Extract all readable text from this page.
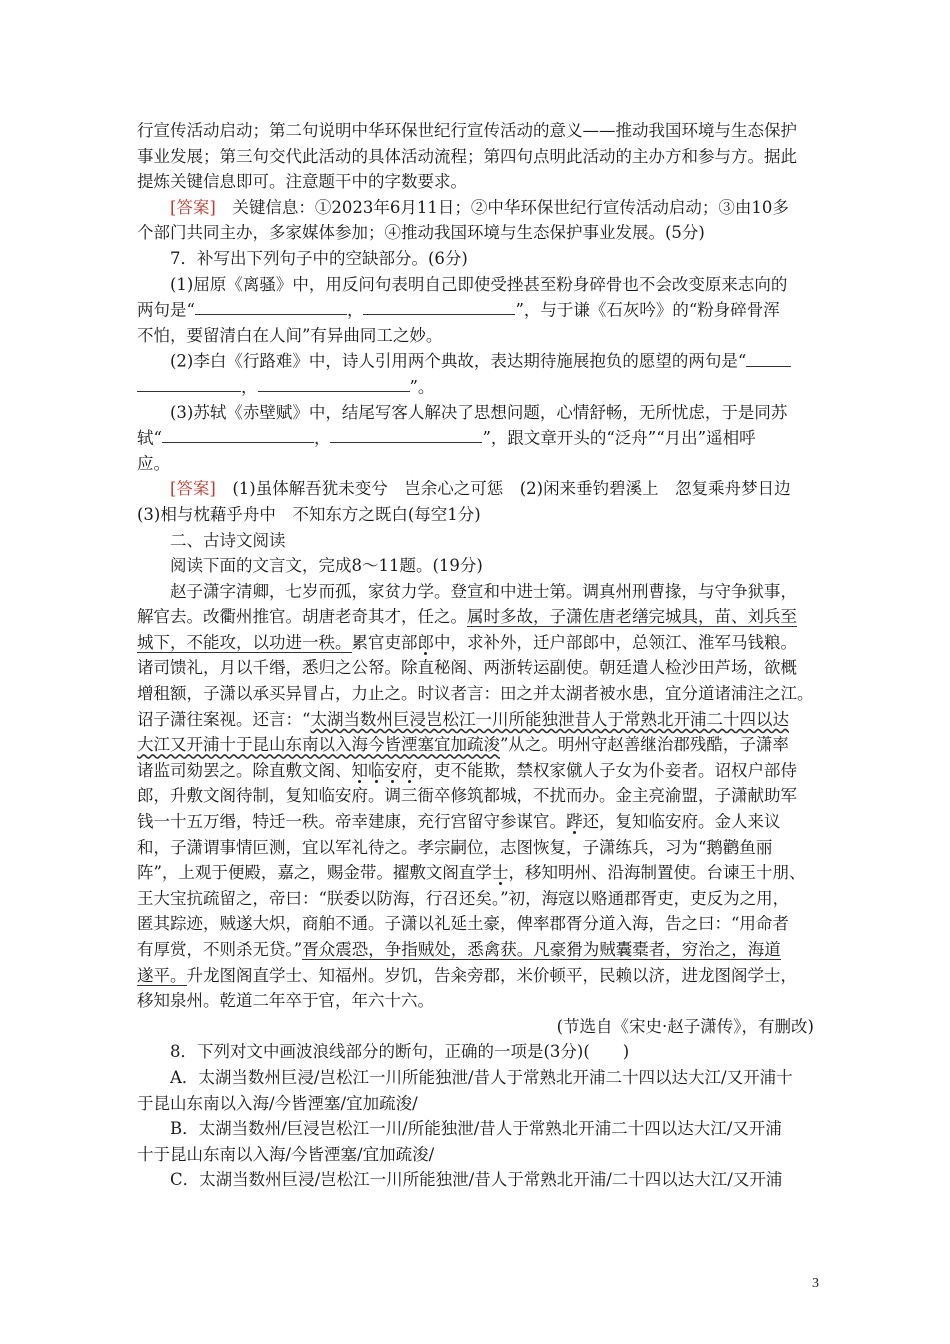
行宣传活动启动；第二句说明中华环保世纪行宣传活动的意义——推动我国环境与生态保护
事业发展；第三句交代此活动的具体活动流程；第四句点明此活动的主办方和参与方。据此
提炼关键信息即可。注意题干中的字数要求。
[答案]　 关键信息：①2023年6月11日；②中华环保世纪行宣传活动启动；③由10多
个部门共同主办，多家媒体参加；④推动我国环境与生态保护事业发展。(5分)
7．补写出下列句子中的空缺部分。(6分)
(1)屈原《离骚》中，用反问句表明自己即使受挫甚至粉身碎骨也不会改变原来志向的
两句是“	，	”，与于谦《石灰吟》的“粉身碎骨浑
不怕，要留清白在人间”有异曲同工之妙。
(2)李白《行路难》中，诗人引用两个典故，表达期待施展抱负的愿望的两句是“
，	”。
(3)苏轼《赤壁赋》中，结尾写客人解决了思想问题，心情舒畅，无所忧虑，于是同苏
轼“	，	”，跟文章开头的“泛舟”“月出”遥相呼
应。
[答案]　 (1)虽体解吾犹未变兮　岂余心之可惩　(2)闲来垂钓碧溪上　忽复乘舟梦日边
(3)相与枕藉乎舟中　不知东方之既白(每空1分)
二、古诗文阅读
阅读下面的文言文，完成8～11题。(19分)
赵子潇字清卿，七岁而孤，家贫力学。登宣和中进士第。调真州刑曹掾，与守争狱事，
解官去。改衢州推官。胡唐老奇其才，任之。属时多故，子潇佐唐老缮完城具，苗、刘兵至
城下，不能攻，以功进一秩。累官吏部郎中，求补外，迁户部郎中，总领江、淮军马钱粮。
诸司馈礼，月以千缗，悉归之公帑。除直秘阁、两浙转运副使。朝廷遣人检沙田芦场，欲概
增租额，子潇以承买异冒占，力止之。时议者言：田之并太湖者被水患，宜分道诸浦注之江。
诏子潇往案视。还言：“太湖当数州巨浸岂松江一川所能独泄昔人于常熟北开浦二十四以达
大江又开浦十于昆山东南以入海今皆湮塞宜加疏浚”从之。明州守赵善继治郡残酷，子潇率
诸监司劾罢之。除直敷文阁、知临安府，吏不能欺，禁权家僦人子女为仆妾者。诏权户部侍
郎，升敷文阁待制，复知临安府。调三衙卒修筑都城，不扰而办。金主亮渝盟，子潇献助军
钱一十五万缗，特迁一秩。帝幸建康，充行宫留守参谋官。跸还，复知临安府。金人来议
和，子潇谓事情叵测，宜以军礼待之。孝宗嗣位，志图恢复，子潇练兵，习为“鹅鹳鱼丽
阵”，上观于便殿，嘉之，赐金带。擢敷文阁直学士，移知明州、沿海制置使。台谏王十朋、
王大宝抗疏留之，帝曰：“朕委以防海，行召还矣。”初，海寇以赂通郡胥吏，吏反为之用，
匿其踪迹，贼遂大炽，商舶不通。子潇以礼延土豪，俾率郡胥分道入海，告之曰：“用命者
有厚赏，不则杀无贷。”胥众震恐，争指贼处，悉禽获。凡豪猾为贼囊橐者，穷治之，海道
遂平。升龙图阁直学士、知福州。岁饥，告籴旁郡，米价顿平，民赖以济，进龙图阁学士，
移知泉州。乾道二年卒于官，年六十六。
(节选自《宋史·赵子潇传》，有删改)
8．下列对文中画波浪线部分的断句，正确的一项是(3分)(　　)
A．太湖当数州巨浸/岂松江一川所能独泄/昔人于常熟北开浦二十四以达大江/又开浦十
于昆山东南以入海/今皆湮塞/宜加疏浚/
B．太湖当数州/巨浸岂松江一川/所能独泄/昔人于常熟北开浦二十四以达大江/又开浦
十于昆山东南以入海/今皆湮塞/宜加疏浚/
C．太湖当数州巨浸/岂松江一川所能独泄/昔人于常熟北开浦/二十四以达大江/又开浦
3
